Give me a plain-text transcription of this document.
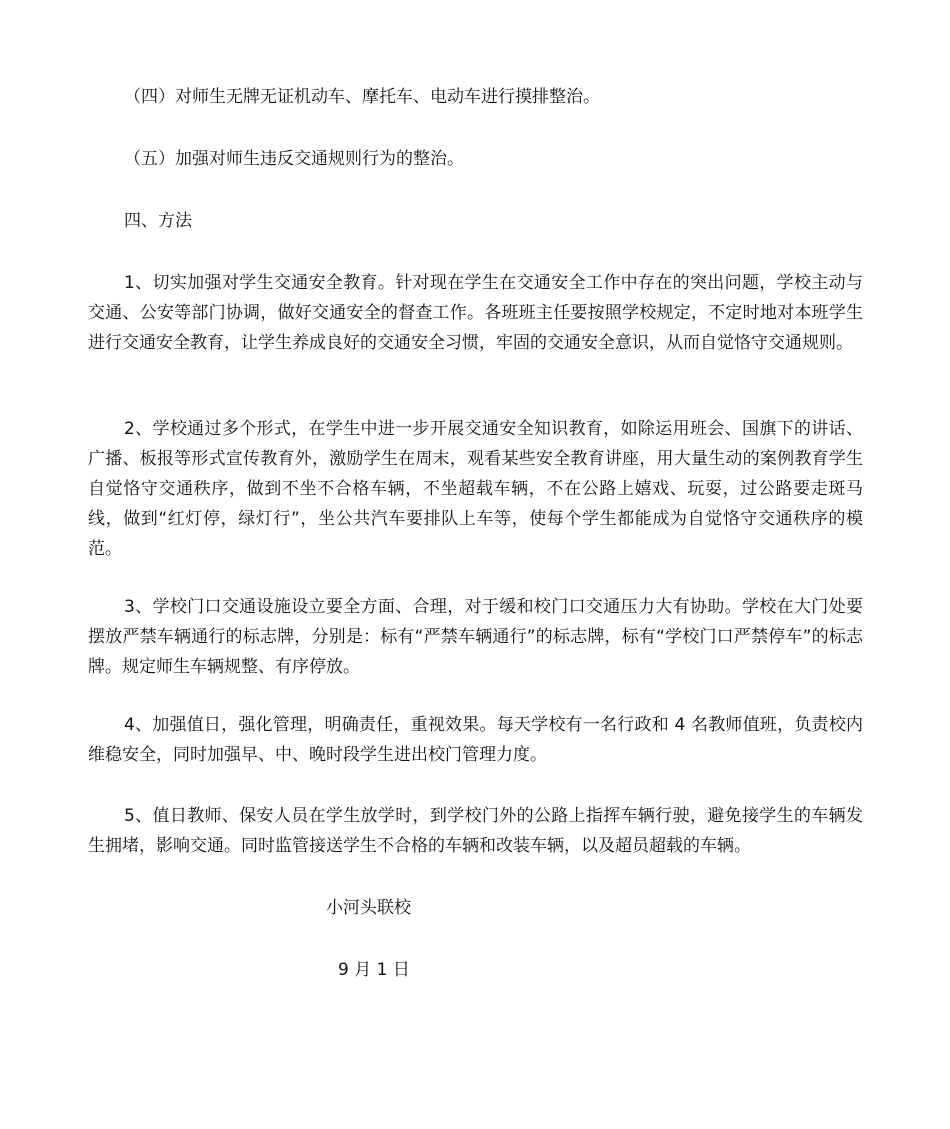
（四）对师生无牌无证机动车、摩托车、电动车进行摸排整治。

（五）加强对师生违反交通规则行为的整治。

四、方法

1、切实加强对学生交通安全教育。针对现在学生在交通安全工作中存在的突出问题，学校主动与交通、公安等部门协调，做好交通安全的督查工作。各班班主任要按照学校规定，不定时地对本班学生进行交通安全教育，让学生养成良好的交通安全习惯，牢固的交通安全意识，从而自觉恪守交通规则。

2、学校通过多个形式，在学生中进一步开展交通安全知识教育，如除运用班会、国旗下的讲话、广播、板报等形式宣传教育外，激励学生在周末，观看某些安全教育讲座，用大量生动的案例教育学生自觉恪守交通秩序，做到不坐不合格车辆，不坐超载车辆，不在公路上嬉戏、玩耍，过公路要走斑马线，做到“红灯停，绿灯行”，坐公共汽车要排队上车等，使每个学生都能成为自觉恪守交通秩序的模范。

3、学校门口交通设施设立要全方面、合理，对于缓和校门口交通压力大有协助。学校在大门处要摆放严禁车辆通行的标志牌，分别是：标有“严禁车辆通行”的标志牌，标有“学校门口严禁停车”的标志牌。规定师生车辆规整、有序停放。

4、加强值日，强化管理，明确责任，重视效果。每天学校有一名行政和 4 名教师值班，负责校内维稳安全，同时加强早、中、晚时段学生进出校门管理力度。

5、值日教师、保安人员在学生放学时，到学校门外的公路上指挥车辆行驶，避免接学生的车辆发生拥堵，影响交通。同时监管接送学生不合格的车辆和改装车辆，以及超员超载的车辆。

小河头联校

9 月 1 日
